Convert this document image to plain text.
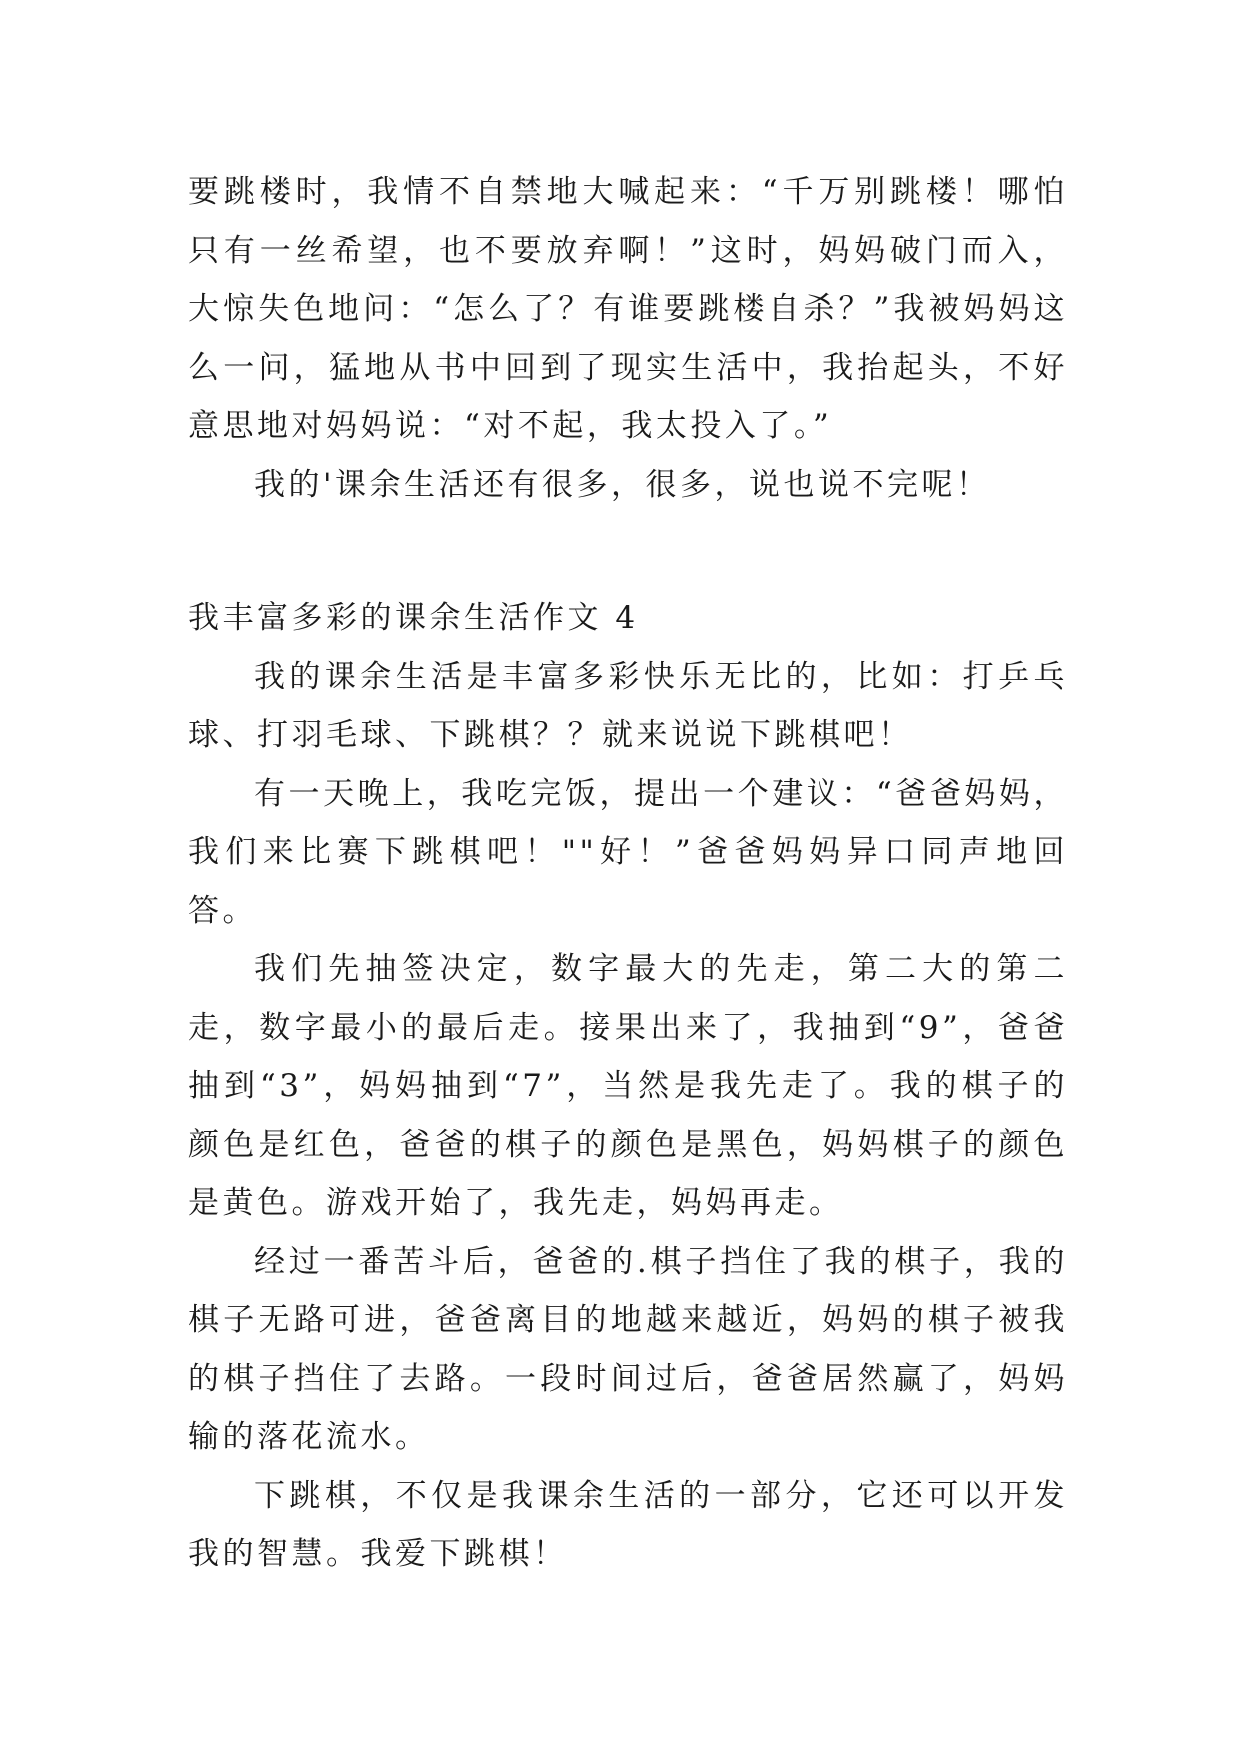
要跳楼时，我情不自禁地大喊起来：“千万别跳楼！哪怕只有一丝希望，也不要放弃啊！”这时，妈妈破门而入，大惊失色地问：“怎么了？有谁要跳楼自杀？”我被妈妈这么一问，猛地从书中回到了现实生活中，我抬起头，不好意思地对妈妈说：“对不起，我太投入了。”

我的'课余生活还有很多，很多，说也说不完呢！

我丰富多彩的课余生活作文 4

我的课余生活是丰富多彩快乐无比的，比如：打乒乓球、打羽毛球、下跳棋？？就来说说下跳棋吧！

有一天晚上，我吃完饭，提出一个建议：“爸爸妈妈，我们来比赛下跳棋吧！""好！”爸爸妈妈异口同声地回答。

我们先抽签决定，数字最大的先走，第二大的第二走，数字最小的最后走。接果出来了，我抽到“9”，爸爸抽到“3”，妈妈抽到“7”，当然是我先走了。我的棋子的颜色是红色，爸爸的棋子的颜色是黑色，妈妈棋子的颜色是黄色。游戏开始了，我先走，妈妈再走。

经过一番苦斗后，爸爸的.棋子挡住了我的棋子，我的棋子无路可进，爸爸离目的地越来越近，妈妈的棋子被我的棋子挡住了去路。一段时间过后，爸爸居然赢了，妈妈输的落花流水。

下跳棋，不仅是我课余生活的一部分，它还可以开发我的智慧。我爱下跳棋！
